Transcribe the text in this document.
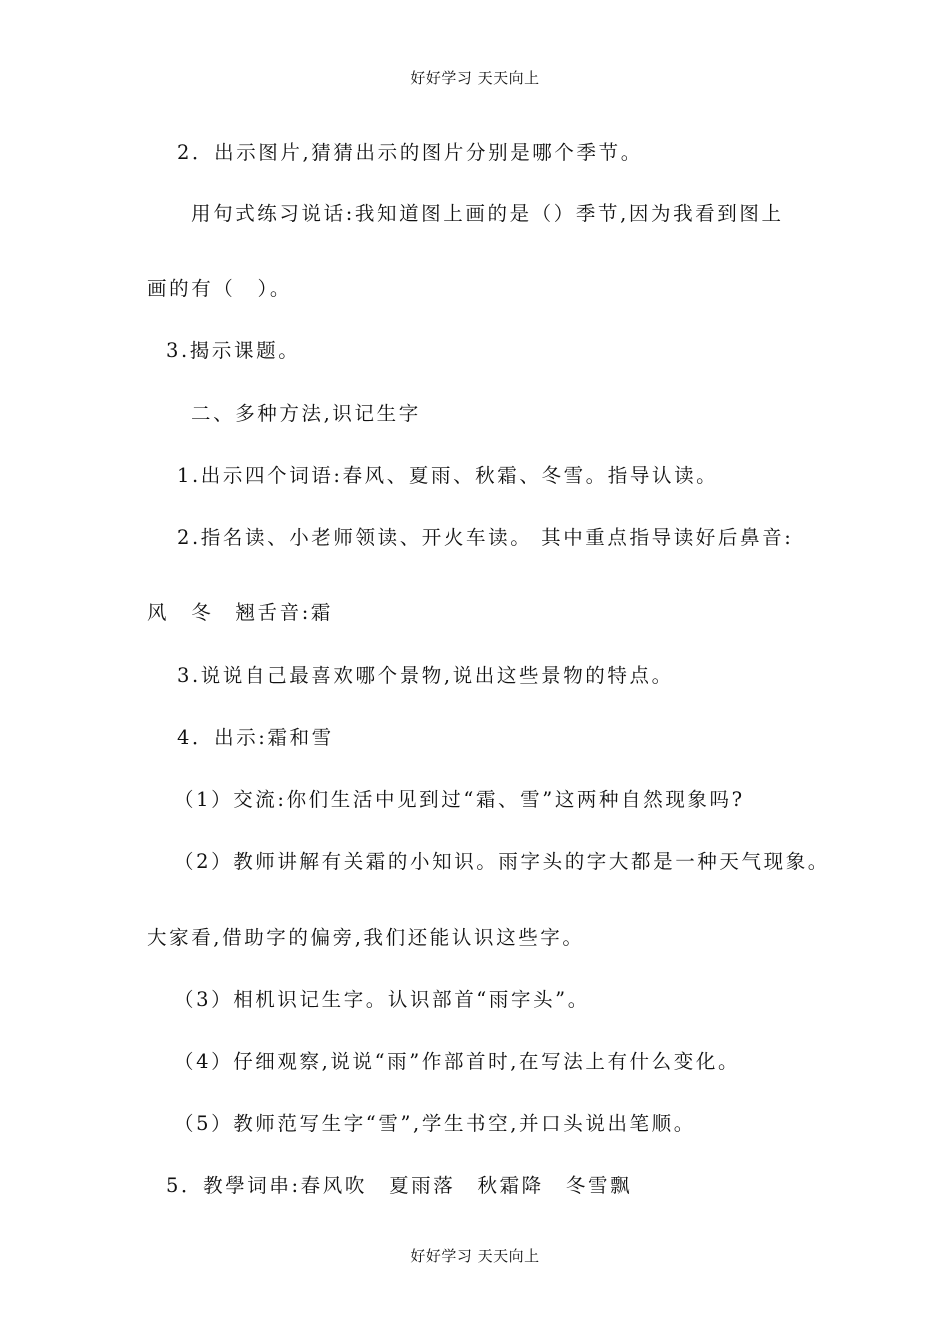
好好学习 天天向上
2．出示图片,猜猜出示的图片分别是哪个季节。
用句式练习说话:我知道图上画的是（）季节,因为我看到图上
画的有（　）。
3.揭示课题。
二、多种方法,识记生字
1.出示四个词语:春风、夏雨、秋霜、冬雪。指导认读。
2.指名读、小老师领读、开火车读。 其中重点指导读好后鼻音:
风　冬　翘舌音:霜
3.说说自己最喜欢哪个景物,说出这些景物的特点。
4．出示:霜和雪
（1）交流:你们生活中见到过“霜、雪”这两种自然现象吗?
（2）教师讲解有关霜的小知识。雨字头的字大都是一种天气现象。
大家看,借助字的偏旁,我们还能认识这些字。
（3）相机识记生字。认识部首“雨字头”。
（4）仔细观察,说说“雨”作部首时,在写法上有什么变化。
（5）教师范写生字“雪”,学生书空,并口头说出笔顺。
5．教學词串:春风吹　夏雨落　秋霜降　冬雪飘
好好学习 天天向上
